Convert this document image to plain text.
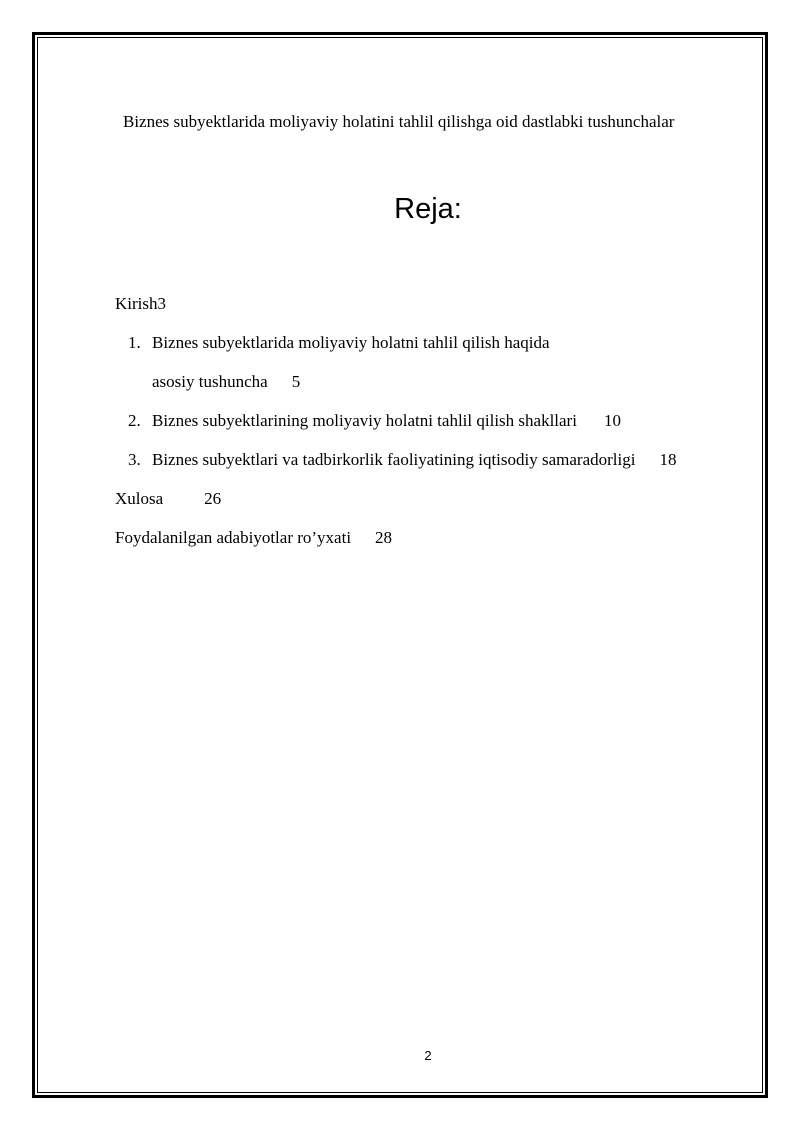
Biznes subyektlarida moliyaviy holatini tahlil qilishga oid dastlabki tushunchalar
Reja:
Kirish3
1. Biznes subyektlarida moliyaviy holatni tahlil qilish haqida
asosiy tushuncha 5
2. Biznes subyektlarining moliyaviy holatni tahlil qilish shakllari 10
3. Biznes subyektlari va tadbirkorlik faoliyatining iqtisodiy samaradorligi 18
Xulosa 26
Foydalanilgan adabiyotlar ro’yxati 28
2
